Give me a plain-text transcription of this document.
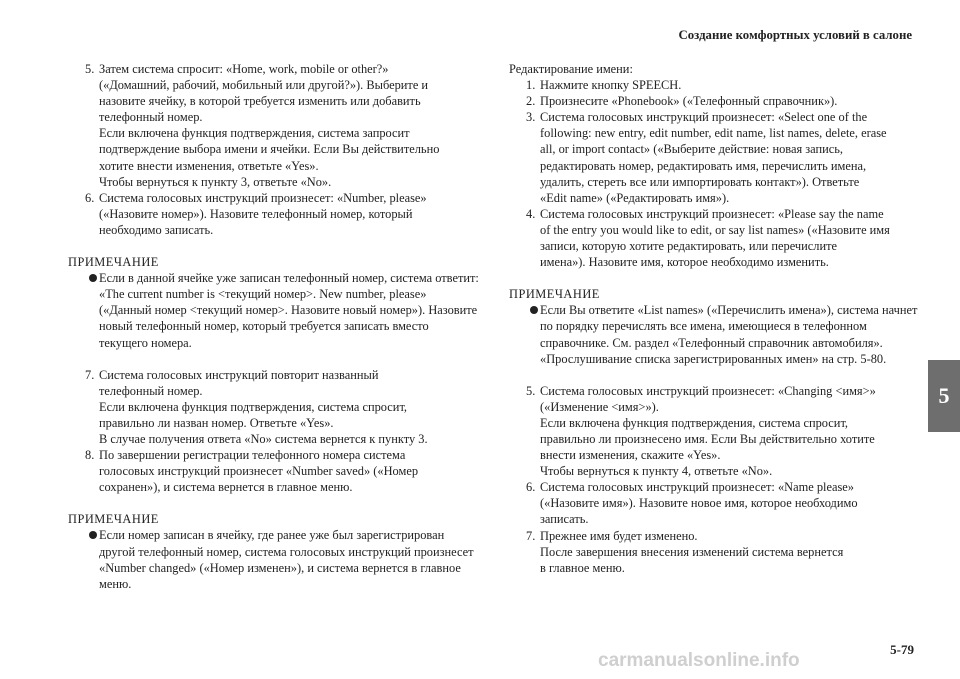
Создание комфортных условий в салоне
5. Затем система спросит: «Home, work, mobile or other?»
(«Домашний, рабочий, мобильный или другой?»). Выберите и
назовите ячейку, в которой требуется изменить или добавить
телефонный номер.
Если включена функция подтверждения, система запросит
подтверждение выбора имени и ячейки. Если Вы действительно
хотите внести изменения, ответьте «Yes».
Чтобы вернуться к пункту 3, ответьте «No».
6. Система голосовых инструкций произнесет: «Number, please»
(«Назовите номер»). Назовите телефонный номер, который
необходимо записать.

ПРИМЕЧАНИЕ

Если в данной ячейке уже записан телефонный номер, система ответит: «The current number is <текущий номер>. New number, please» («Данный номер <текущий номер>. Назовите новый номер»). Назовите новый телефонный номер, который требуется записать вместо текущего номера.
7. Система голосовых инструкций повторит названный
телефонный номер.
Если включена функция подтверждения, система спросит,
правильно ли назван номер. Ответьте «Yes».
В случае получения ответа «No» система вернется к пункту 3.
8. По завершении регистрации телефонного номера система
голосовых инструкций произнесет «Number saved» («Номер
сохранен»), и система вернется в главное меню.

ПРИМЕЧАНИЕ

Если номер записан в ячейку, где ранее уже был зарегистрирован другой телефонный номер, система голосовых инструкций произнесет «Number changed» («Номер изменен»), и система вернется в главное меню.

Редактирование имени:

1. Нажмите кнопку SPEECH.
2. Произнесите «Phonebook» («Телефонный справочник»).
3. Система голосовых инструкций произнесет: «Select one of the
following: new entry, edit number, edit name, list names, delete, erase
all, or import contact» («Выберите действие: новая запись,
редактировать номер, редактировать имя, перечислить имена,
удалить, стереть все или импортировать контакт»). Ответьте
«Edit name» («Редактировать имя»).
4. Система голосовых инструкций произнесет: «Please say the name
of the entry you would like to edit, or say list names» («Назовите имя
записи, которую хотите редактировать, или перечислите
имена»). Назовите имя, которое необходимо изменить.

ПРИМЕЧАНИЕ

Если Вы ответите «List names» («Перечислить имена»), система начнет по порядку перечислять все имена, имеющиеся в телефонном справочнике. См. раздел «Телефонный справочник автомобиля». «Прослушивание списка зарегистрированных имен» на стр. 5-80.
5. Система голосовых инструкций произнесет: «Changing <имя>»
(«Изменение <имя>»).
Если включена функция подтверждения, система спросит,
правильно ли произнесено имя. Если Вы действительно хотите
внести изменения, скажите «Yes».
Чтобы вернуться к пункту 4, ответьте «No».
6. Система голосовых инструкций произнесет: «Name please»
(«Назовите имя»). Назовите новое имя, которое необходимо
записать.
7. Прежнее имя будет изменено.
После завершения внесения изменений система вернется
в главное меню.
5
5-79
carmanualsonline.info
